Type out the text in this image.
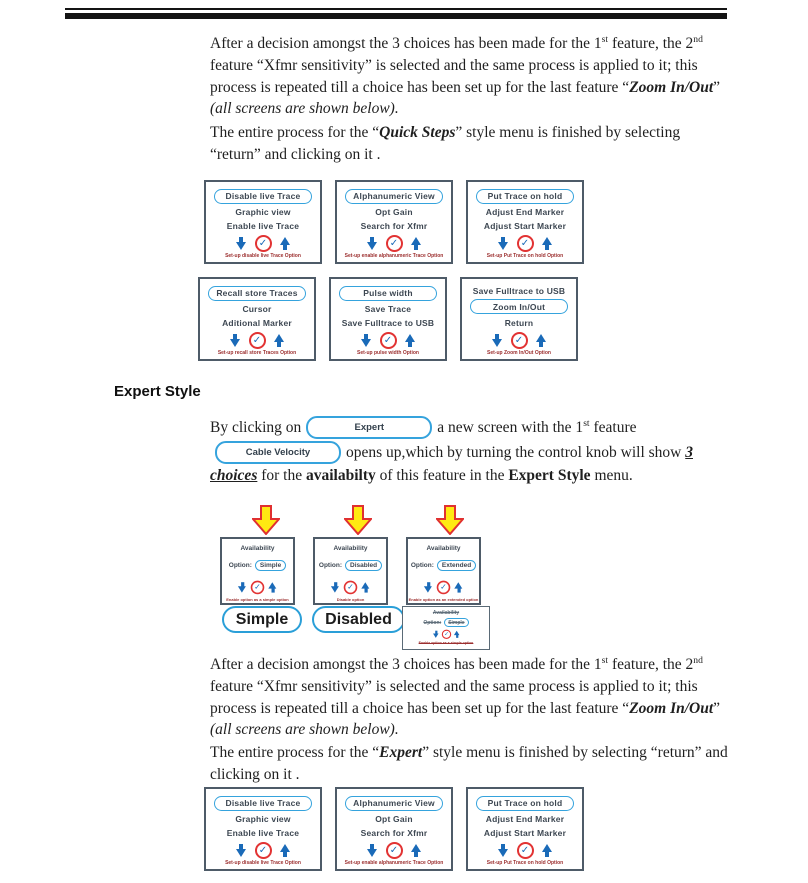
After a decision amongst the 3 choices has been made for the 1st feature, the 2nd feature “Xfmr sensitivity” is selected and the same process is applied to it; this process is repeated till a choice has been set up for the last feature “Zoom In/Out” (all screens are shown below).

The entire process for the “Quick Steps” style menu is finished by selecting “return” and clicking on it .

Disable live Trace
Graphic view
Enable live Trace
✓
Set-up disable live Trace Option
Alphanumeric View
Opt Gain
Search for Xfmr
✓
Set-up enable alphanumeric Trace Option
Put Trace on hold
Adjust End Marker
Adjust Start Marker
✓
Set-up Put Trace on hold Option
Recall store Traces
Cursor
Aditional Marker
✓
Set-up recall store Traces Option
Pulse width
Save Trace
Save Fulltrace to USB
✓
Set-up pulse width Option
Save Fulltrace to USB
Zoom In/Out
Return
✓
Set-up Zoom In/Out Option
Expert Style
By clicking on	Expert	a new screen with the 1st feature
Cable Velocity	opens up,which by turning the control knob will show 3
choices for the availabilty of this feature in the Expert Style menu.
Availability
Option:	Simple
✓
Enable option as a simple option
Availability
Option:	Disabled
✓
Disable option
Availability
Option:	Extended
✓
Enable option as an extended option
Simple	Disabled	Availability
Option:	Simple
✓
Enable option as a simple option

After a decision amongst the 3 choices has been made for the 1st feature, the 2nd feature “Xfmr sensitivity” is selected and the same process is applied to it; this process is repeated till a choice has been set up for the last feature “Zoom In/Out” (all screens are shown below).

The entire process for the “Expert” style menu is finished by selecting “return” and clicking on it .

Disable live Trace
Graphic view
Enable live Trace
✓
Set-up disable live Trace Option
Alphanumeric View
Opt Gain
Search for Xfmr
✓
Set-up enable alphanumeric Trace Option
Put Trace on hold
Adjust End Marker
Adjust Start Marker
✓
Set-up Put Trace on hold Option
